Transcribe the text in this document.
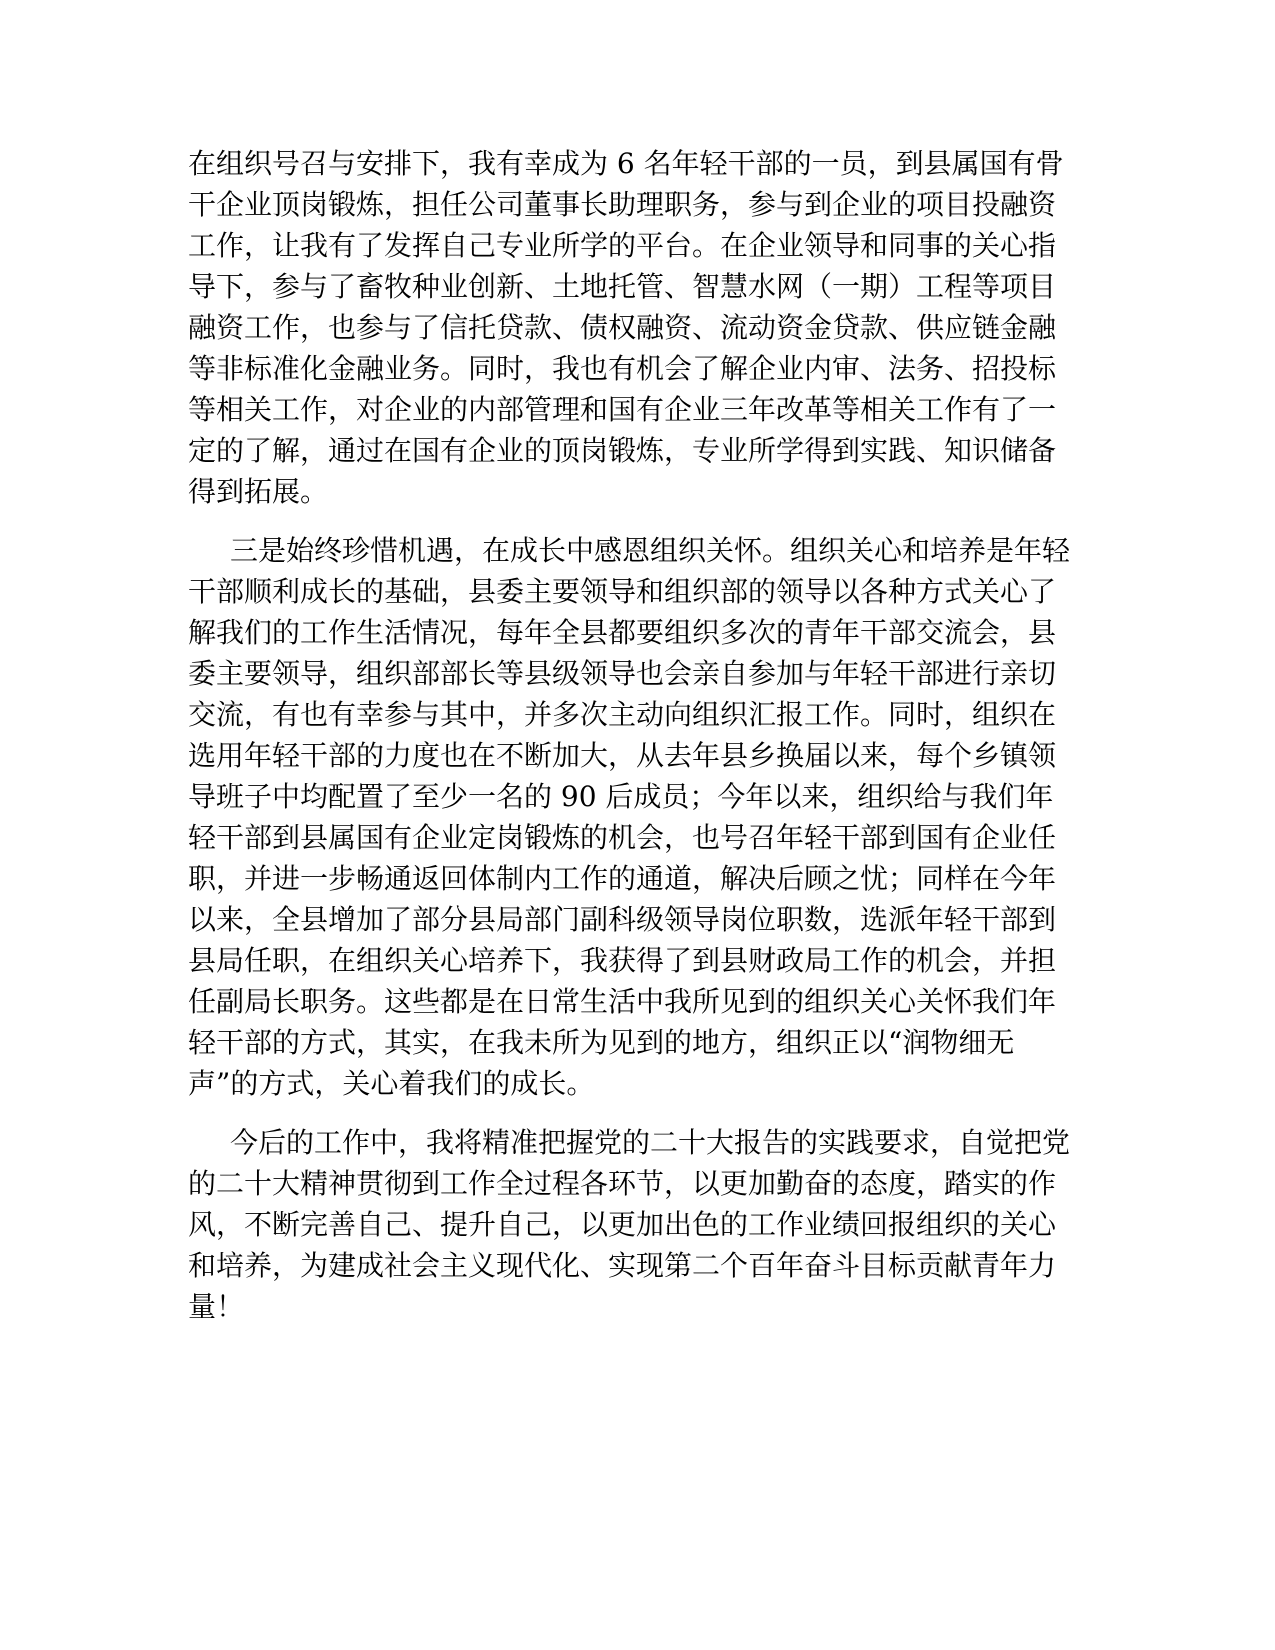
在组织号召与安排下，我有幸成为 6 名年轻干部的一员，到县属国有骨干企业顶岗锻炼，担任公司董事长助理职务，参与到企业的项目投融资工作，让我有了发挥自己专业所学的平台。在企业领导和同事的关心指导下，参与了畜牧种业创新、土地托管、智慧水网（一期）工程等项目融资工作，也参与了信托贷款、债权融资、流动资金贷款、供应链金融等非标准化金融业务。同时，我也有机会了解企业内审、法务、招投标等相关工作，对企业的内部管理和国有企业三年改革等相关工作有了一定的了解，通过在国有企业的顶岗锻炼，专业所学得到实践、知识储备得到拓展。

三是始终珍惜机遇，在成长中感恩组织关怀。组织关心和培养是年轻干部顺利成长的基础，县委主要领导和组织部的领导以各种方式关心了解我们的工作生活情况，每年全县都要组织多次的青年干部交流会，县委主要领导，组织部部长等县级领导也会亲自参加与年轻干部进行亲切交流，有也有幸参与其中，并多次主动向组织汇报工作。同时，组织在选用年轻干部的力度也在不断加大，从去年县乡换届以来，每个乡镇领导班子中均配置了至少一名的 90 后成员；今年以来，组织给与我们年轻干部到县属国有企业定岗锻炼的机会，也号召年轻干部到国有企业任职，并进一步畅通返回体制内工作的通道，解决后顾之忧；同样在今年以来，全县增加了部分县局部门副科级领导岗位职数，选派年轻干部到县局任职，在组织关心培养下，我获得了到县财政局工作的机会，并担任副局长职务。这些都是在日常生活中我所见到的组织关心关怀我们年轻干部的方式，其实，在我未所为见到的地方，组织正以“润物细无声”的方式，关心着我们的成长。

今后的工作中，我将精准把握党的二十大报告的实践要求，自觉把党的二十大精神贯彻到工作全过程各环节，以更加勤奋的态度，踏实的作风，不断完善自己、提升自己，以更加出色的工作业绩回报组织的关心和培养，为建成社会主义现代化、实现第二个百年奋斗目标贡献青年力量！
